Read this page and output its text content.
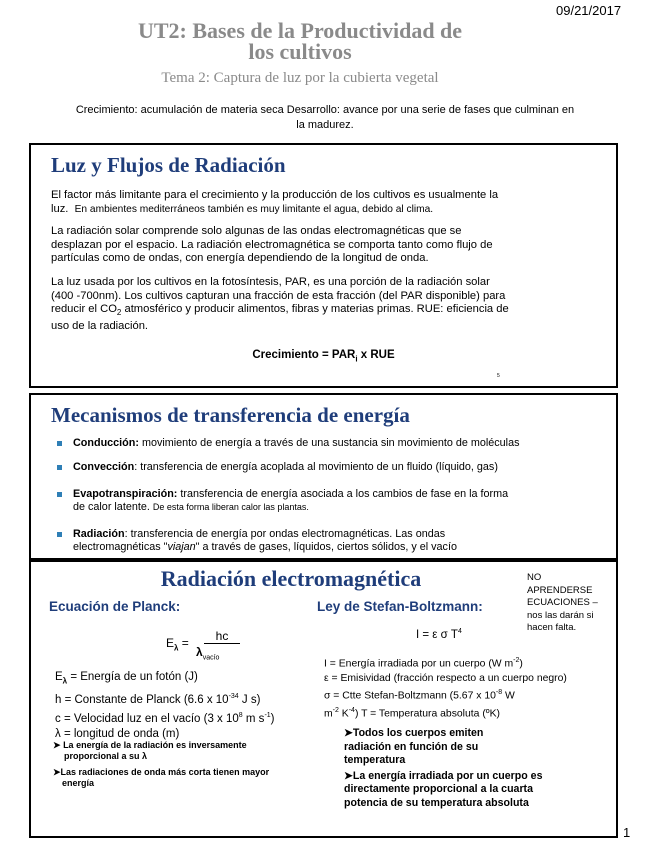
09/21/2017
UT2: Bases de la Productividad de
los cultivos
Tema 2: Captura de luz por la cubierta vegetal
Crecimiento: acumulación de materia seca Desarrollo: avance por una serie de fases que culminan en
la madurez.
Luz y Flujos de Radiación
El factor más limitante para el crecimiento y la producción de los cultivos es usualmente la
luz. En ambientes mediterráneos también es muy limitante el agua, debido al clima.
La radiación solar comprende solo algunas de las ondas electromagnéticas que se
desplazan por el espacio. La radiación electromagnética se comporta tanto como flujo de
partículas como de ondas, con energía dependiendo de la longitud de onda.
La luz usada por los cultivos en la fotosíntesis, PAR, es una porción de la radiación solar
(400 -700nm). Los cultivos capturan una fracción de esta fracción (del PAR disponible) para
reducir el $CO_2$ atmosférico y producir alimentos, fibras y materias primas. RUE: eficiencia de
uso de la radiación.
Crecimiento = $PAR_i$ x RUE
5
Mecanismos de transferencia de energía
Conducción: movimiento de energía a través de una sustancia sin movimiento de moléculas
Convección: transferencia de energía acoplada al movimiento de un fluido (líquido, gas)
Evapotranspiración: transferencia de energía asociada a los cambios de fase en la forma
de calor latente. De esta forma liberan calor las plantas.
Radiación: transferencia de energía por ondas electromagnéticas. Las ondas
electromagnéticas "viajan" a través de gases, líquidos, ciertos sólidos, y el vacío
Radiación electromagnética	NO
APRENDERSE
ECUACIONES –
nos las darán si
hacen falta.
Ecuación de Planck:
$E_\lambda$ =	hc
$\lambda_{vacío}$
$E_\lambda$ = Energía de un fotón (J)
h = Constante de Planck (6.6 x $10^{-34}$ J s)
c = Velocidad luz en el vacío (3 x $10^8$ m $s^{-1}$)
λ = longitud de onda (m)
➤ La energía de la radiación es inversamente
proporcional a su λ
➤Las radiaciones de onda más corta tienen mayor
energía
Ley de Stefan-Boltzmann:
I = ε σ $T^4$
I = Energía irradiada por un cuerpo (W $m^{-2}$)
ε = Emisividad (fracción respecto a un cuerpo negro)
σ = Ctte Stefan-Boltzmann (5.67 x $10^{-8}$ W
$m^{-2}$ $K^{-4}$) T = Temperatura absoluta (ºK)
➤Todos los cuerpos emiten
radiación en función de su
temperatura
➤La energía irradiada por un cuerpo es
directamente proporcional a la cuarta
potencia de su temperatura absoluta
1
